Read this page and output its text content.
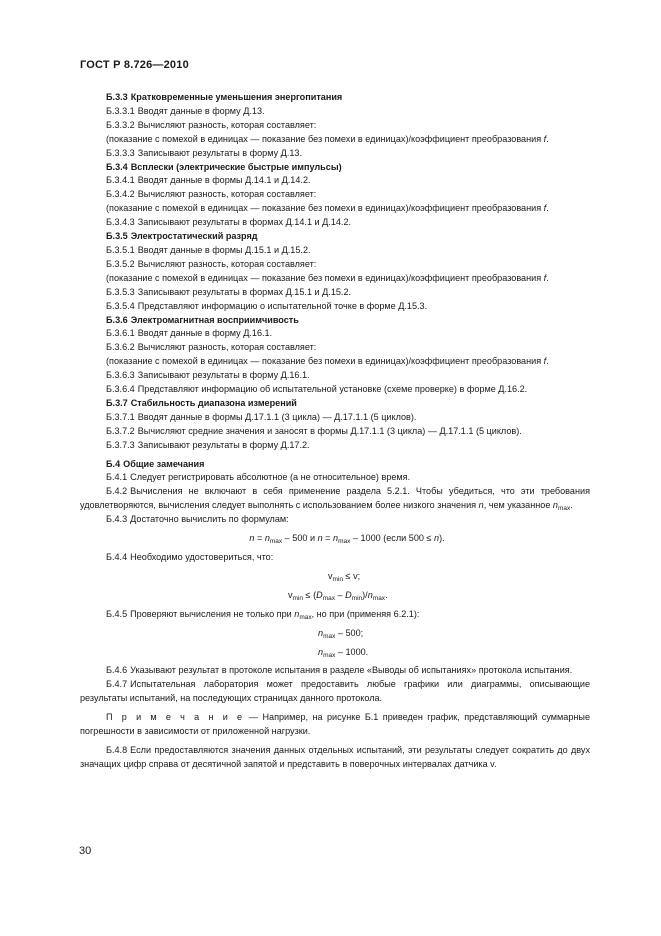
ГОСТ Р 8.726—2010
Б.3.3 Кратковременные уменьшения энергопитания
Б.3.3.1 Вводят данные в форму Д.13.
Б.3.3.2 Вычисляют разность, которая составляет:
(показание с помехой в единицах — показание без помехи в единицах)/коэффициент преобразования f.
Б.3.3.3 Записывают результаты в форму Д.13.
Б.3.4 Всплески (электрические быстрые импульсы)
Б.3.4.1 Вводят данные в формы Д.14.1 и Д.14.2.
Б.3.4.2 Вычисляют разность, которая составляет:
(показание с помехой в единицах — показание без помехи в единицах)/коэффициент преобразования f.
Б.3.4.3 Записывают результаты в формах Д.14.1 и Д.14.2.
Б.3.5 Электростатический разряд
Б.3.5.1 Вводят данные в формы Д.15.1 и Д.15.2.
Б.3.5.2 Вычисляют разность, которая составляет:
(показание с помехой в единицах — показание без помехи в единицах)/коэффициент преобразования f.
Б.3.5.3 Записывают результаты в формах Д.15.1 и Д.15.2.
Б.3.5.4 Представляют информацию о испытательной точке в форме Д.15.3.
Б.3.6 Электромагнитная восприимчивость
Б.3.6.1 Вводят данные в форму Д.16.1.
Б.3.6.2 Вычисляют разность, которая составляет:
(показание с помехой в единицах — показание без помехи в единицах)/коэффициент преобразования f.
Б.3.6.3 Записывают результаты в форму Д.16.1.
Б.3.6.4 Представляют информацию об испытательной установке (схеме проверке) в форме Д.16.2.
Б.3.7 Стабильность диапазона измерений
Б.3.7.1 Вводят данные в формы Д.17.1.1 (3 цикла) — Д.17.1.1 (5 циклов).
Б.3.7.2 Вычисляют средние значения и заносят в формы Д.17.1.1 (3 цикла) — Д.17.1.1 (5 циклов).
Б.3.7.3 Записывают результаты в форму Д.17.2.
Б.4 Общие замечания
Б.4.1 Следует регистрировать абсолютное (а не относительное) время.
Б.4.2 Вычисления не включают в себя применение раздела 5.2.1. Чтобы убедиться, что эти требования удовлетворяются, вычисления следует выполнять с использованием более низкого значения n, чем указанное $n_{max}$.
Б.4.3 Достаточно вычислить по формулам:
$n = n_{max} - 500$ и $n = n_{max} - 1000$ (если 500 ≤ n).
Б.4.4 Необходимо удостовериться, что:
$v_{min} \le v$;
$v_{min} \le (D_{max} - D_{min})/n_{max}$.
Б.4.5 Проверяют вычисления не только при $n_{max}$, но при (применяя 6.2.1):
$n_{max} - 500$;
$n_{max} - 1000$.
Б.4.6 Указывают результат в протоколе испытания в разделе «Выводы об испытаниях» протокола испытания.
Б.4.7 Испытательная лаборатория может предоставить любые графики или диаграммы, описывающие результаты испытаний, на последующих страницах данного протокола.
П р и м е ч а н и е — Например, на рисунке Б.1 приведен график, представляющий суммарные погрешности в зависимости от приложенной нагрузки.
Б.4.8 Если предоставляются значения данных отдельных испытаний, эти результаты следует сократить до двух значащих цифр справа от десятичной запятой и представить в поверочных интервалах датчика v.
30
